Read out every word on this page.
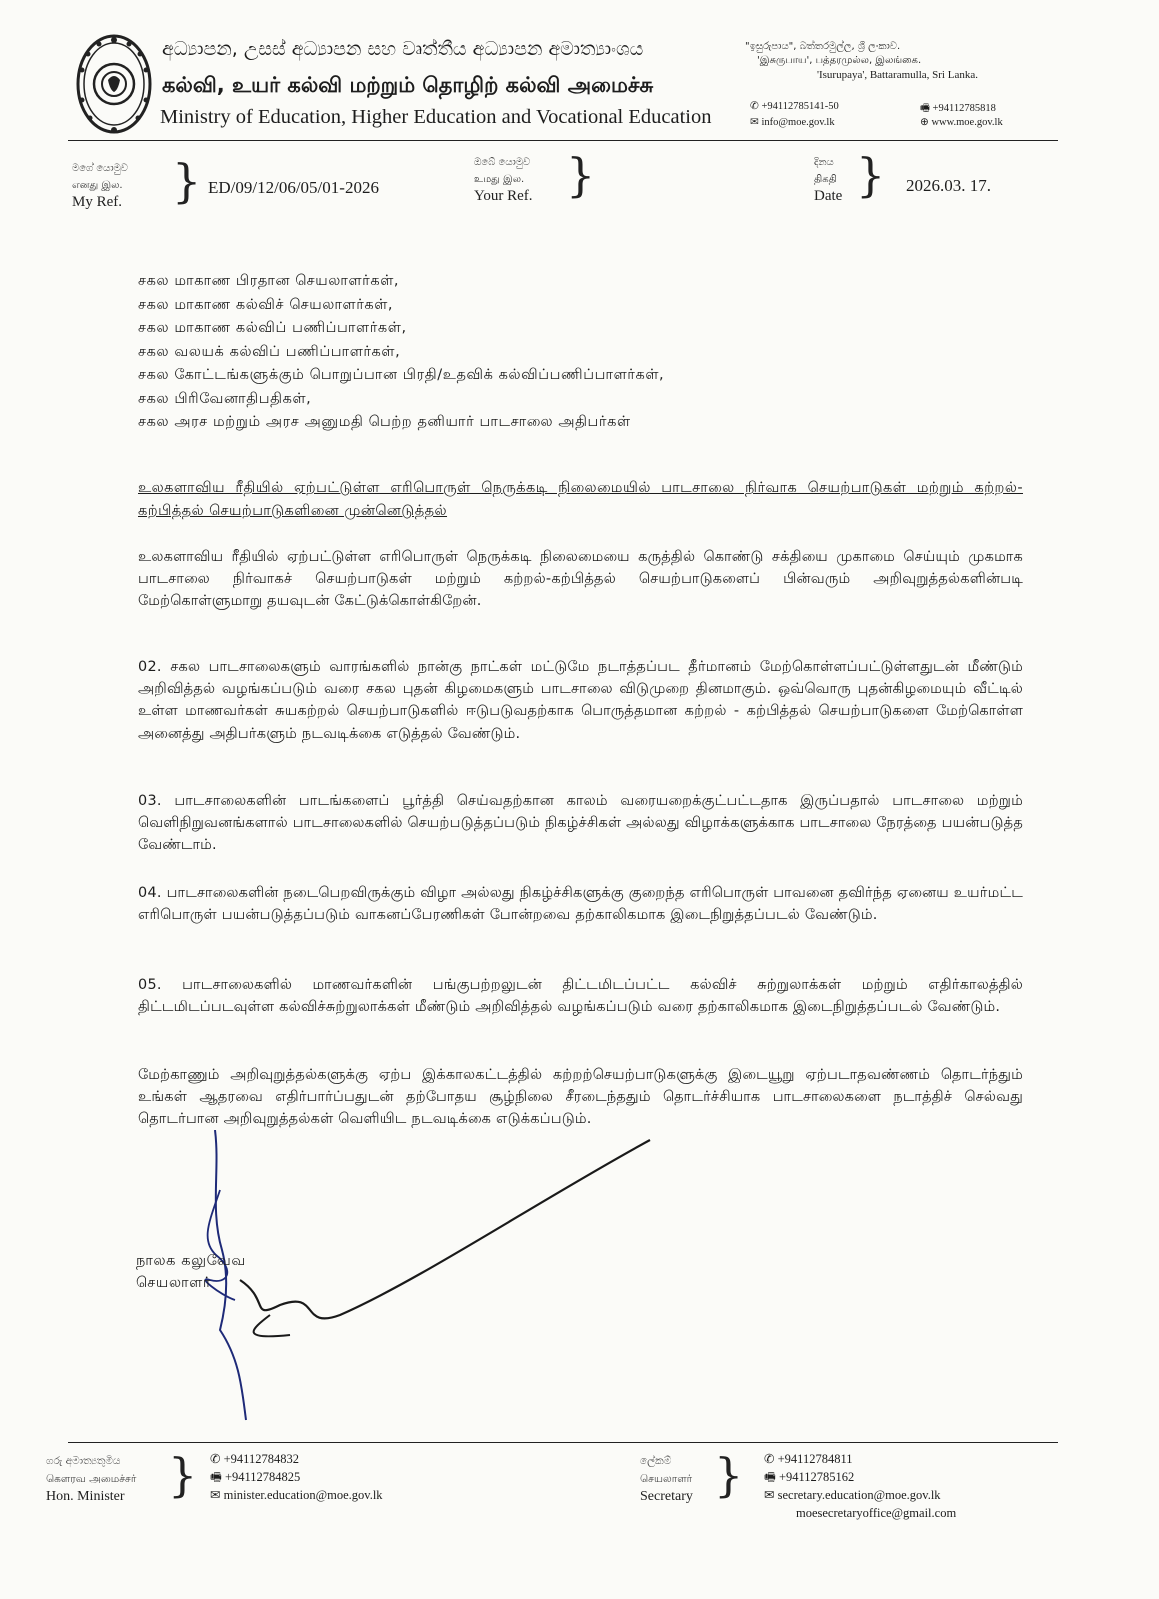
අධ්‍යාපන, උසස් අධ්‍යාපන සහ වෘත්තීය අධ්‍යාපන අමාත්‍යාංශය
கல்வி, உயர் கல்வி மற்றும் தொழிற் கல்வி அமைச்சு
Ministry of Education, Higher Education and Vocational Education
"ඉසුරුපාය", බත්තරමුල්ල, ශ්‍රී ලංකාව.
'இசுருபாய', பத்தரமுல்ல, இலங்கை.
'Isurupaya', Battaramulla, Sri Lanka.
✆ +94112785141-50	🖷 +94112785818
✉ info@moe.gov.lk	⊕ www.moe.gov.lk
මගේ යොමුව
எனது இல.
My Ref. } ED/09/12/06/05/01-2026
ඔබේ යොමුව
உமது இல.
Your Ref. }	දිනය
திகதி
Date } 2026.03. 17.
சகல மாகாண பிரதான செயலாளர்கள்,
சகல மாகாண கல்விச் செயலாளர்கள்,
சகல மாகாண கல்விப் பணிப்பாளர்கள்,
சகல வலயக் கல்விப் பணிப்பாளர்கள்,
சகல கோட்டங்களுக்கும் பொறுப்பான பிரதி/உதவிக் கல்விப்பணிப்பாளர்கள்,
சகல பிரிவேனாதிபதிகள்,
சகல அரச மற்றும் அரச அனுமதி பெற்ற தனியார் பாடசாலை அதிபர்கள்
உலகளாவிய ரீதியில் ஏற்பட்டுள்ள எரிபொருள் நெருக்கடி நிலைமையில் பாடசாலை நிர்வாக செயற்பாடுகள் மற்றும் கற்றல்- கற்பித்தல் செயற்பாடுகளினை முன்னெடுத்தல்
உலகளாவிய ரீதியில் ஏற்பட்டுள்ள எரிபொருள் நெருக்கடி நிலைமையை கருத்தில் கொண்டு சக்தியை முகாமை செய்யும் முகமாக பாடசாலை நிர்வாகச் செயற்பாடுகள் மற்றும் கற்றல்-கற்பித்தல் செயற்பாடுகளைப் பின்வரும் அறிவுறுத்தல்களின்படி மேற்கொள்ளுமாறு தயவுடன் கேட்டுக்கொள்கிறேன்.
02. சகல பாடசாலைகளும் வாரங்களில் நான்கு நாட்கள் மட்டுமே நடாத்தப்பட தீர்மானம் மேற்கொள்ளப்பட்டுள்ளதுடன் மீண்டும் அறிவித்தல் வழங்கப்படும் வரை சகல புதன் கிழமைகளும் பாடசாலை விடுமுறை தினமாகும். ஒவ்வொரு புதன்கிழமையும் வீட்டில் உள்ள மாணவர்கள் சுயகற்றல் செயற்பாடுகளில் ஈடுபடுவதற்காக பொருத்தமான கற்றல் - கற்பித்தல் செயற்பாடுகளை மேற்கொள்ள அனைத்து அதிபர்களும் நடவடிக்கை எடுத்தல் வேண்டும்.
03. பாடசாலைகளின் பாடங்களைப் பூர்த்தி செய்வதற்கான காலம் வரையறைக்குட்பட்டதாக இருப்பதால் பாடசாலை மற்றும் வெளிநிறுவனங்களால் பாடசாலைகளில் செயற்படுத்தப்படும் நிகழ்ச்சிகள் அல்லது விழாக்களுக்காக பாடசாலை நேரத்தை பயன்படுத்த வேண்டாம்.
04. பாடசாலைகளின் நடைபெறவிருக்கும் விழா அல்லது நிகழ்ச்சிகளுக்கு குறைந்த எரிபொருள் பாவனை தவிர்ந்த ஏனைய உயர்மட்ட எரிபொருள் பயன்படுத்தப்படும் வாகனப்பேரணிகள் போன்றவை தற்காலிகமாக இடைநிறுத்தப்படல் வேண்டும்.
05. பாடசாலைகளில் மாணவர்களின் பங்குபற்றலுடன் திட்டமிடப்பட்ட கல்விச் சுற்றுலாக்கள் மற்றும் எதிர்காலத்தில் திட்டமிடப்படவுள்ள கல்விச்சுற்றுலாக்கள் மீண்டும் அறிவித்தல் வழங்கப்படும் வரை தற்காலிகமாக இடைநிறுத்தப்படல் வேண்டும்.
மேற்காணும் அறிவுறுத்தல்களுக்கு ஏற்ப இக்காலகட்டத்தில் கற்றற்செயற்பாடுகளுக்கு இடையூறு ஏற்படாதவண்ணம் தொடர்ந்தும் உங்கள் ஆதரவை எதிர்பார்ப்பதுடன் தற்போதய சூழ்நிலை சீரடைந்ததும் தொடர்ச்சியாக பாடசாலைகளை நடாத்திச் செல்வது தொடர்பான அறிவுறுத்தல்கள் வெளியிட நடவடிக்கை எடுக்கப்படும்.
நாலக கலுவேவ
செயலாளர்
ගරු අමාත්‍යතුමිය
கௌரவ அமைச்சர்
Hon. Minister } ✆ +94112784832
🖷 +94112784825
✉ minister.education@moe.gov.lk
ලේකම්
செயலாளர்
Secretary } ✆ +94112784811
🖷 +94112785162
✉ secretary.education@moe.gov.lk
moesecretaryoffice@gmail.com
